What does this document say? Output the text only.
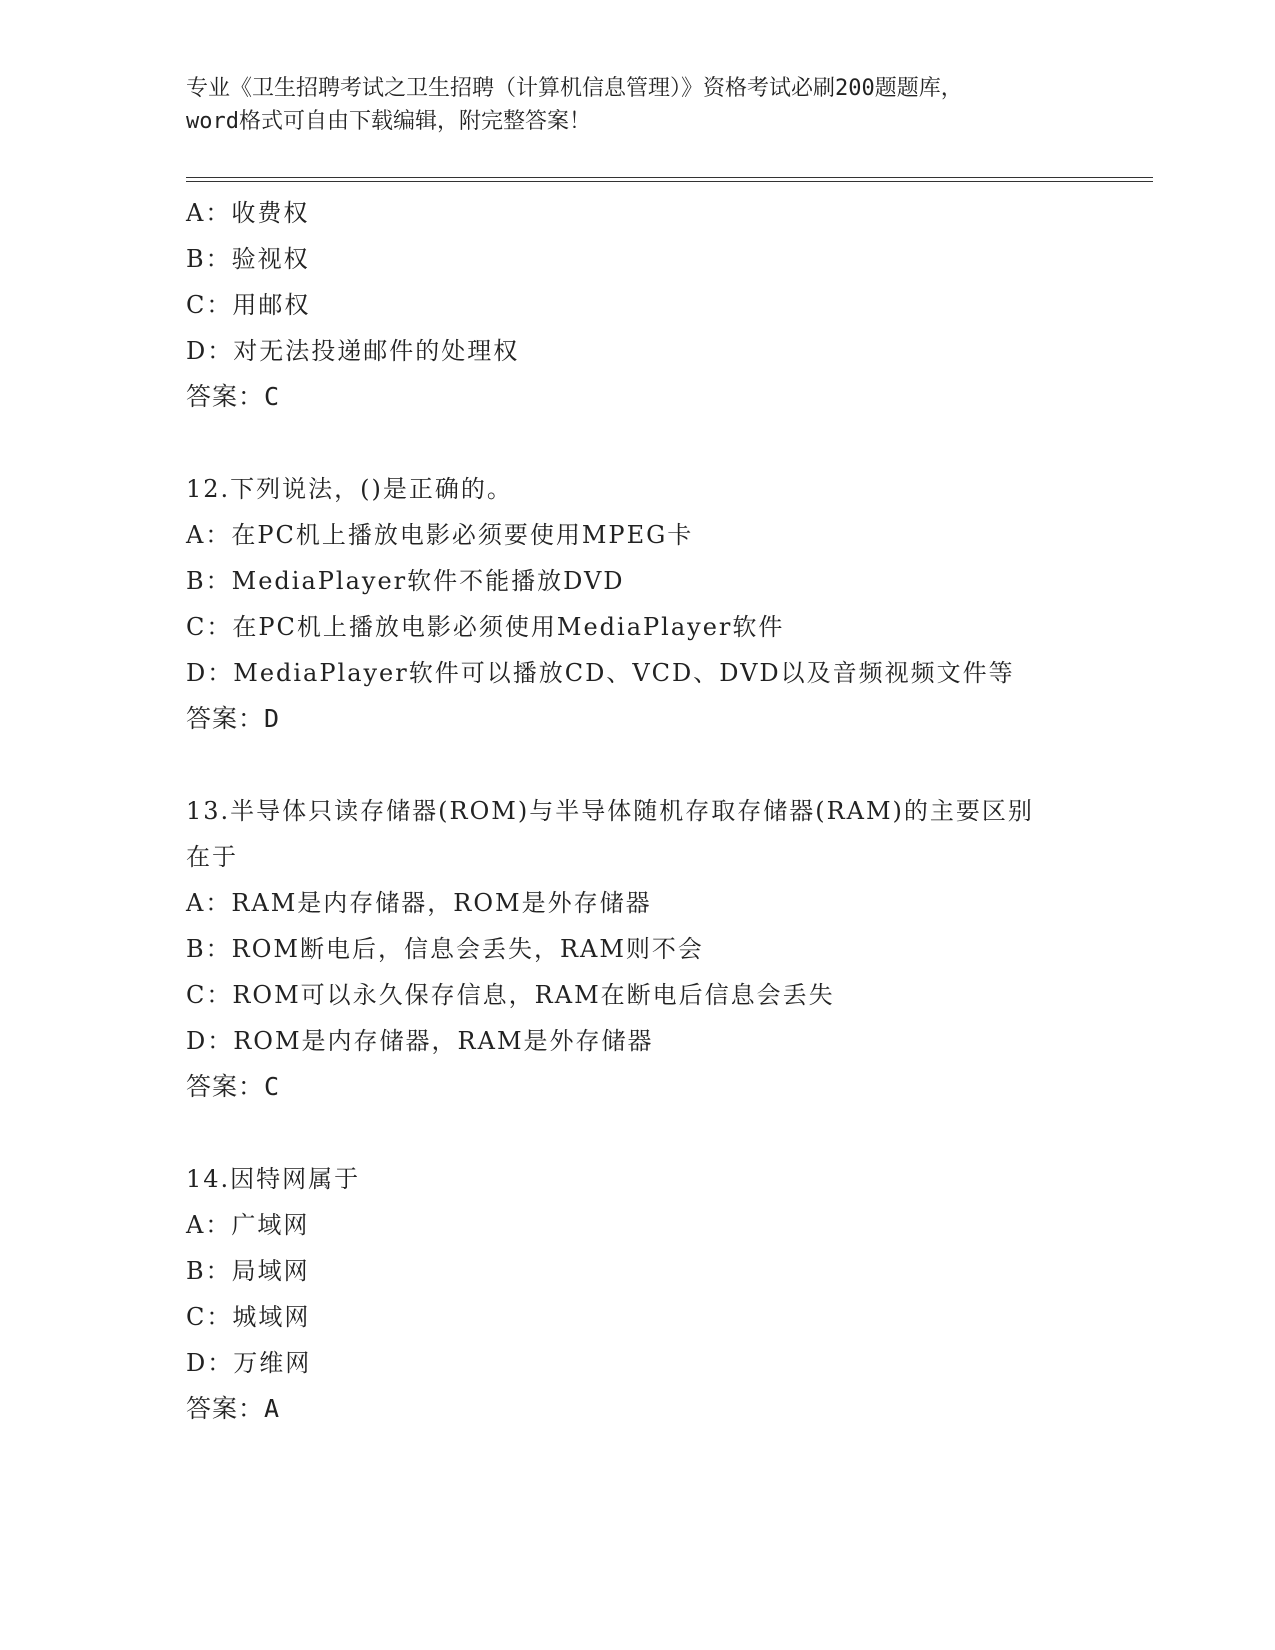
专业《卫生招聘考试之卫生招聘（计算机信息管理）》资格考试必刷200题题库，
word格式可自由下载编辑，附完整答案！
A：收费权
B：验视权
C：用邮权
D：对无法投递邮件的处理权
答案：C
12.下列说法，()是正确的。
A：在PC机上播放电影必须要使用MPEG卡
B：MediaPlayer软件不能播放DVD
C：在PC机上播放电影必须使用MediaPlayer软件
D：MediaPlayer软件可以播放CD、VCD、DVD以及音频视频文件等
答案：D
13.半导体只读存储器(ROM)与半导体随机存取存储器(RAM)的主要区别
在于
A：RAM是内存储器，ROM是外存储器
B：ROM断电后，信息会丢失，RAM则不会
C：ROM可以永久保存信息，RAM在断电后信息会丢失
D：ROM是内存储器，RAM是外存储器
答案：C
14.因特网属于
A：广域网
B：局域网
C：城域网
D：万维网
答案：A
